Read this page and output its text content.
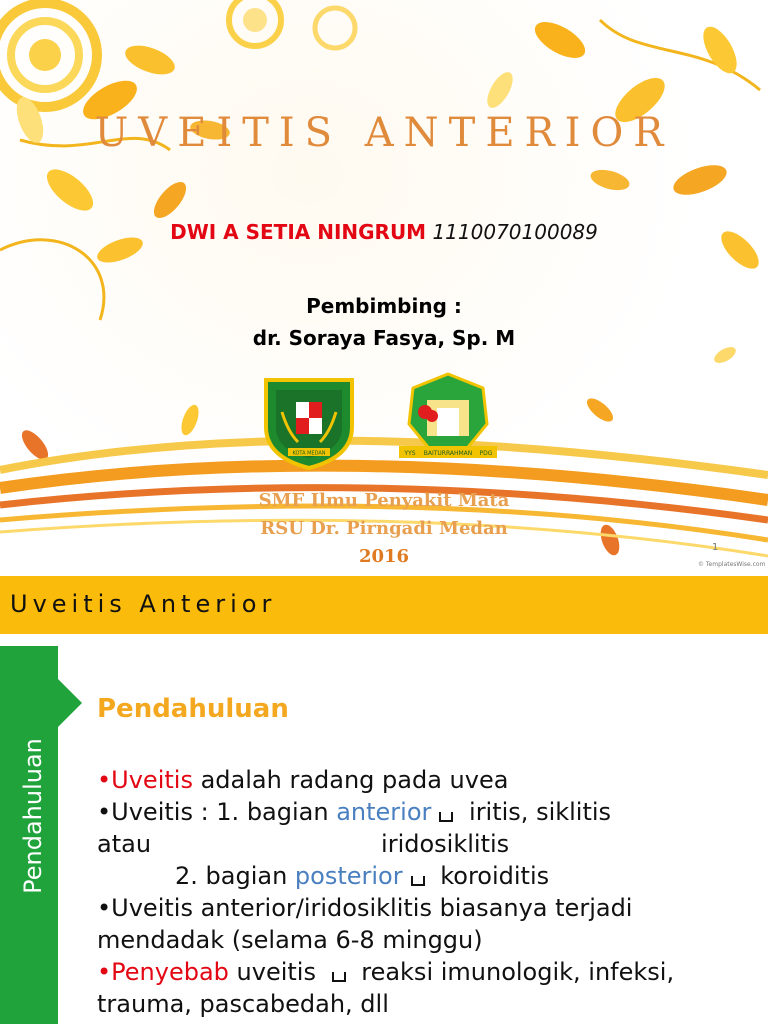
UVEITIS ANTERIOR
DWI A SETIA NINGRUM 1110070100089
Pembimbing :
dr. Soraya Fasya, Sp. M
KOTA MEDAN	YYS BAITURRAHMAN PDG
SMF Ilmu Penyakit Mata
RSU Dr. Pirngadi Medan
2016	1
© TemplatesWise.com
Uveitis Anterior
Pendahuluan
Pendahuluan
•Uveitis adalah radang pada uvea
•Uveitis : 1. bagian anterior iritis, siklitis
atau	iridosiklitis
2. bagian posterior koroiditis
•Uveitis anterior/iridosiklitis biasanya terjadi
mendadak (selama 6-8 minggu)
•Penyebab uveitis  reaksi imunologik, infeksi,
trauma, pascabedah, dll
